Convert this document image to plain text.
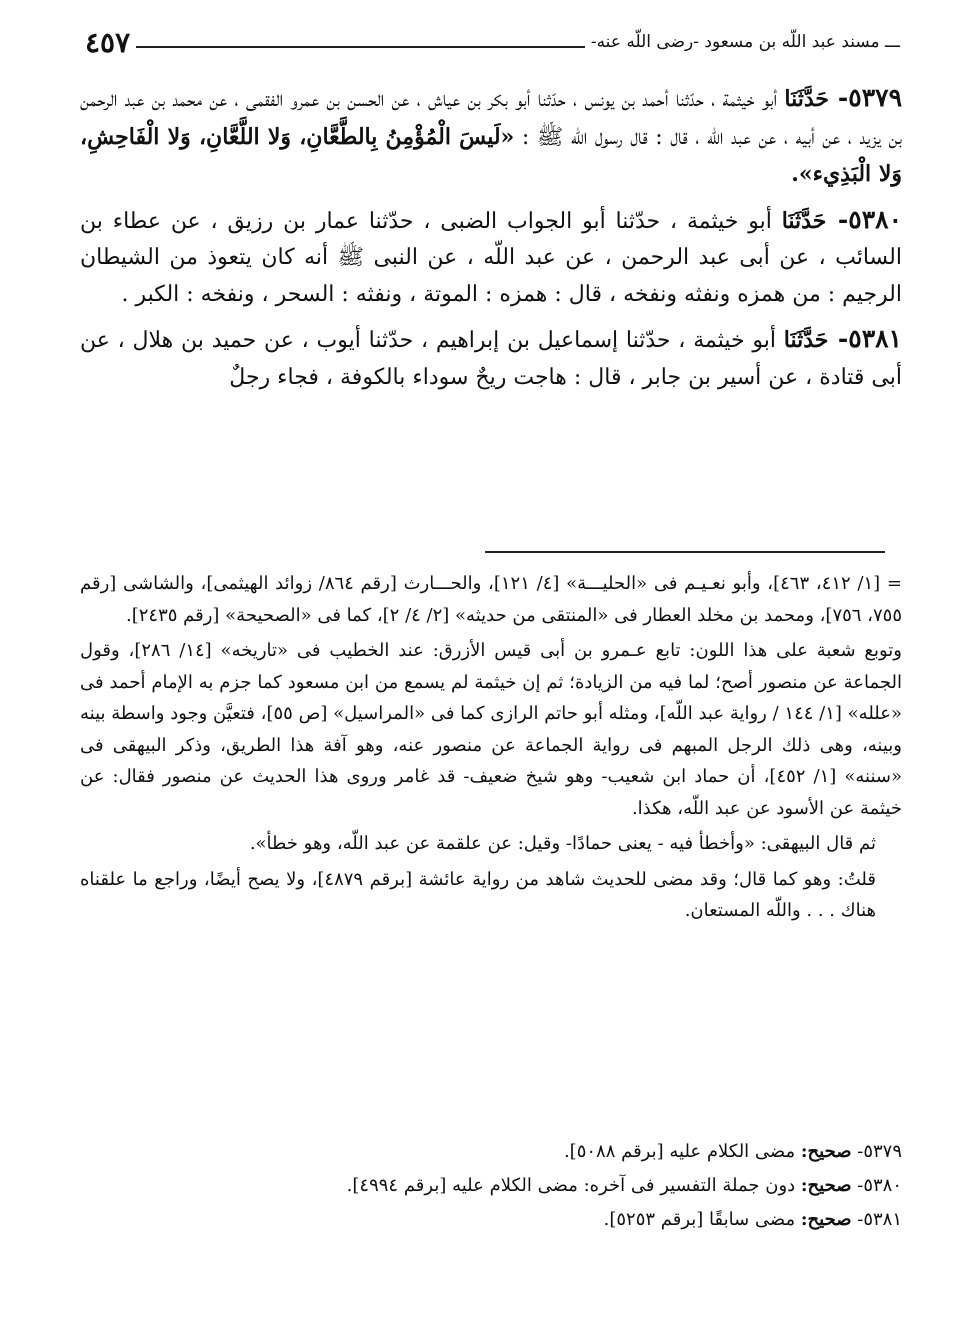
ـــ مسند عبد اللّه بن مسعود -رضى اللّه عنه-
٤٥٧

٥٣٧٩- حَدَّثَنَا أبو خيثمة ، حدّثنا أحمد بن يونس ، حدّثنا أبو بكر بن عياش ، عن الحسن بن عمرو الفقمى ، عن محمد بن عبد الرحمن بن يزيد ، عن أبيه ، عن عبد اللّه ، قال : قال رسول اللّه ﷺ : «لَيسَ الْمُؤْمِنُ بِالطَّعَّانِ، وَلا اللَّعَّانِ، وَلا الْفَاحِشِ، وَلا الْبَذِيء».

٥٣٨٠- حَدَّثَنَا أبو خيثمة ، حدّثنا أبو الجواب الضبى ، حدّثنا عمار بن رزيق ، عن عطاء بن السائب ، عن أبى عبد الرحمن ، عن عبد اللّه ، عن النبى ﷺ أنه كان يتعوذ من الشيطان الرجيم : من همزه ونفثه ونفخه ، قال : همزه : الموتة ، ونفثه : السحر ، ونفخه : الكبر .

٥٣٨١- حَدَّثَنَا أبو خيثمة ، حدّثنا إسماعيل بن إبراهيم ، حدّثنا أيوب ، عن حميد بن هلال ، عن أبى قتادة ، عن أسير بن جابر ، قال : هاجت ريحٌ سوداء بالكوفة ، فجاء رجلٌ

= [١/ ٤١٢، ٤٦٣]، وأبو نعـيـم فى «الحليـــة» [٤/ ١٢١]، والحـــارث [رقم ٨٦٤/ زوائد الهيثمى]، والشاشى [رقم ٧٥٥، ٧٥٦]، ومحمد بن مخلد العطار فى «المنتقى من حديثه» [٢/ ٤/ ٢]، كما فى «الصحيحة» [رقم ٢٤٣٥].

وتوبع شعبة على هذا اللون: تابع عـمرو بن أبى قيس الأزرق: عند الخطيب فى «تاريخه» [١٤/ ٢٨٦]، وقول الجماعة عن منصور أصح؛ لما فيه من الزيادة؛ ثم إن خيثمة لم يسمع من ابن مسعود كما جزم به الإمام أحمد فى «علله» [١/ ١٤٤ / رواية عبد اللّه]، ومثله أبو حاتم الرازى كما فى «المراسيل» [ص ٥٥]، فتعيَّن وجود واسطة بينه وبينه، وهى ذلك الرجل المبهم فى رواية الجماعة عن منصور عنه، وهو آفة هذا الطريق، وذكر البيهقى فى «سننه» [١/ ٤٥٢]، أن حماد ابن شعيب- وهو شيخ ضعيف- قد غامر وروى هذا الحديث عن منصور فقال: عن خيثمة عن الأسود عن عبد اللّه، هكذا.

ثم قال البيهقى: «وأخطأ فيه - يعنى حمادًا- وقيل: عن علقمة عن عبد اللّه، وهو خطأ».

قلتُ: وهو كما قال؛ وقد مضى للحديث شاهد من رواية عائشة [برقم ٤٨٧٩]، ولا يصح أيضًا، وراجع ما علقناه هناك . . . واللّه المستعان.

٥٣٧٩- صحيح: مضى الكلام عليه [برقم ٥٠٨٨].

٥٣٨٠- صحيح: دون جملة التفسير فى آخره: مضى الكلام عليه [برقم ٤٩٩٤].

٥٣٨١- صحيح: مضى سابقًا [برقم ٥٢٥٣].
